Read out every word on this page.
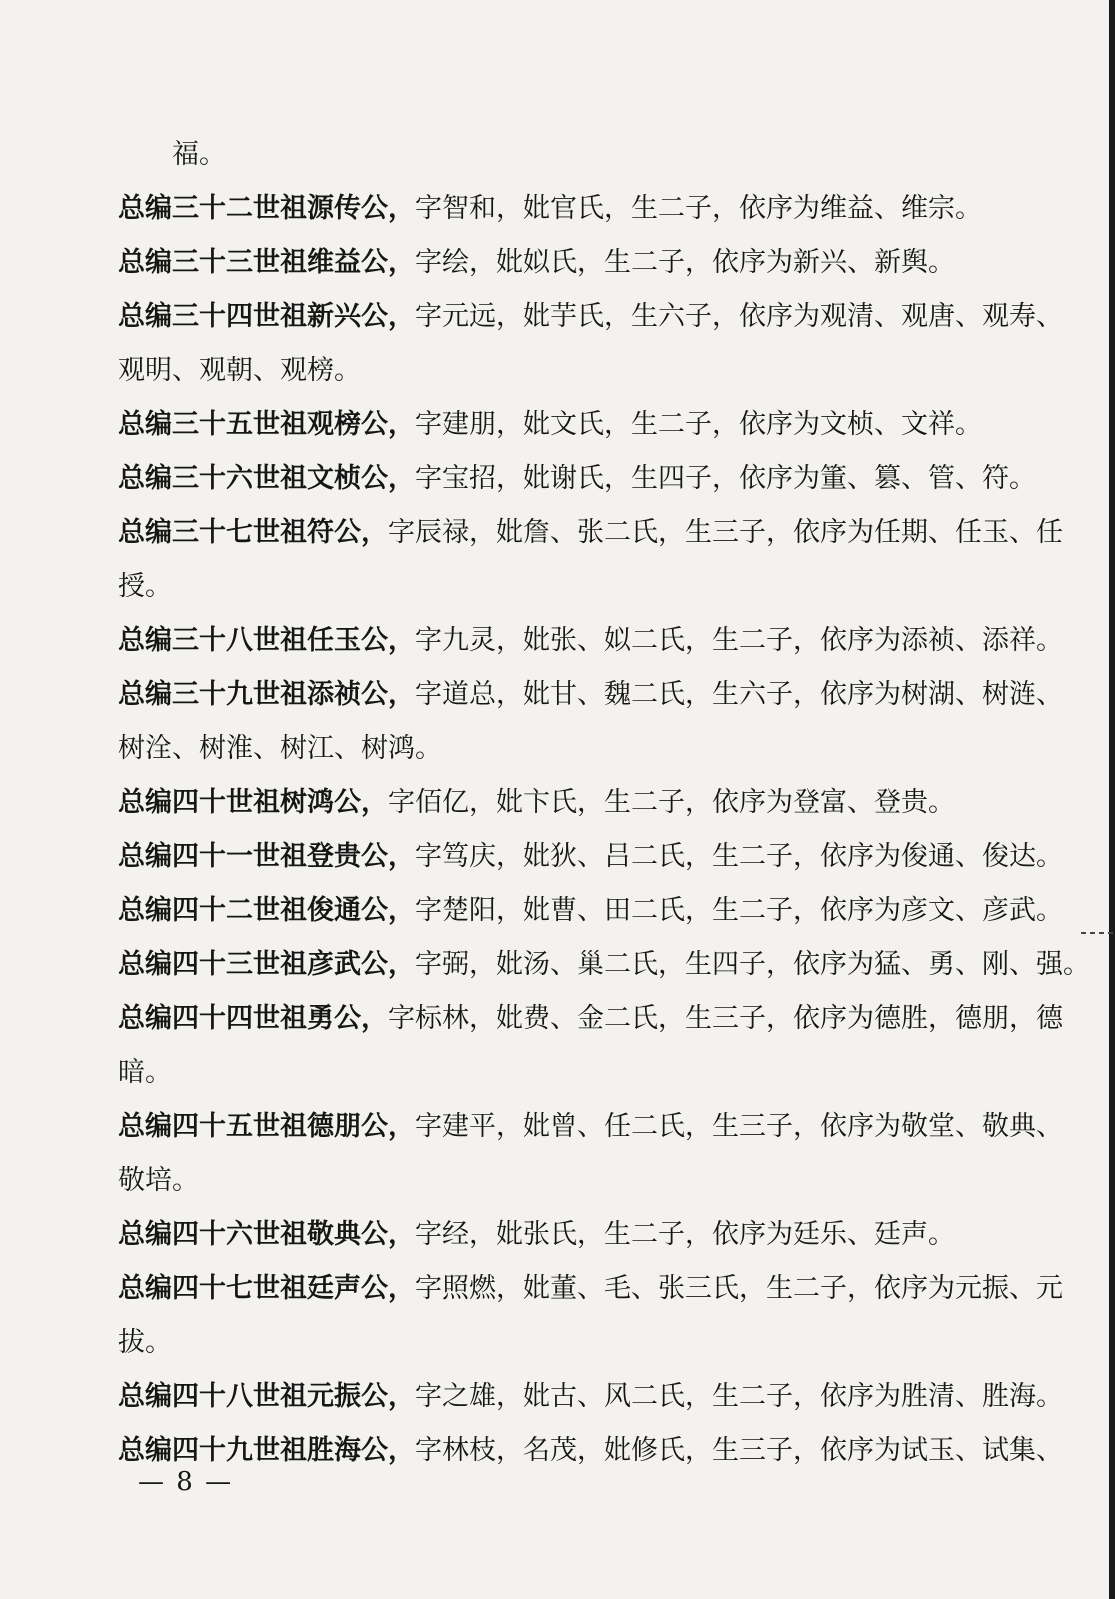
福。
总编三十二世祖源传公，字智和，妣官氏，生二子，依序为维益、维宗。
总编三十三世祖维益公，字绘，妣姒氏，生二子，依序为新兴、新舆。
总编三十四世祖新兴公，字元远，妣芋氏，生六子，依序为观清、观唐、观寿、
观明、观朝、观榜。
总编三十五世祖观榜公，字建朋，妣文氏，生二子，依序为文桢、文祥。
总编三十六世祖文桢公，字宝招，妣谢氏，生四子，依序为箽、篡、管、符。
总编三十七世祖符公，字辰禄，妣詹、张二氏，生三子，依序为任期、任玉、任
授。
总编三十八世祖任玉公，字九灵，妣张、姒二氏，生二子，依序为添祯、添祥。
总编三十九世祖添祯公，字道总，妣甘、魏二氏，生六子，依序为树湖、树涟、
树洤、树淮、树江、树鸿。
总编四十世祖树鸿公，字佰亿，妣卞氏，生二子，依序为登富、登贵。
总编四十一世祖登贵公，字笃庆，妣狄、吕二氏，生二子，依序为俊通、俊达。
总编四十二世祖俊通公，字楚阳，妣曹、田二氏，生二子，依序为彦文、彦武。
总编四十三世祖彦武公，字弼，妣汤、巢二氏，生四子，依序为猛、勇、刚、强。
总编四十四世祖勇公，字标林，妣费、金二氏，生三子，依序为德胜，德朋，德
暗。
总编四十五世祖德朋公，字建平，妣曾、任二氏，生三子，依序为敬堂、敬典、
敬培。
总编四十六世祖敬典公，字经，妣张氏，生二子，依序为廷乐、廷声。
总编四十七世祖廷声公，字照燃，妣董、毛、张三氏，生二子，依序为元振、元
拔。
总编四十八世祖元振公，字之雄，妣古、风二氏，生二子，依序为胜清、胜海。
总编四十九世祖胜海公，字林枝，名茂，妣修氏，生三子，依序为试玉、试集、
— 8 —
